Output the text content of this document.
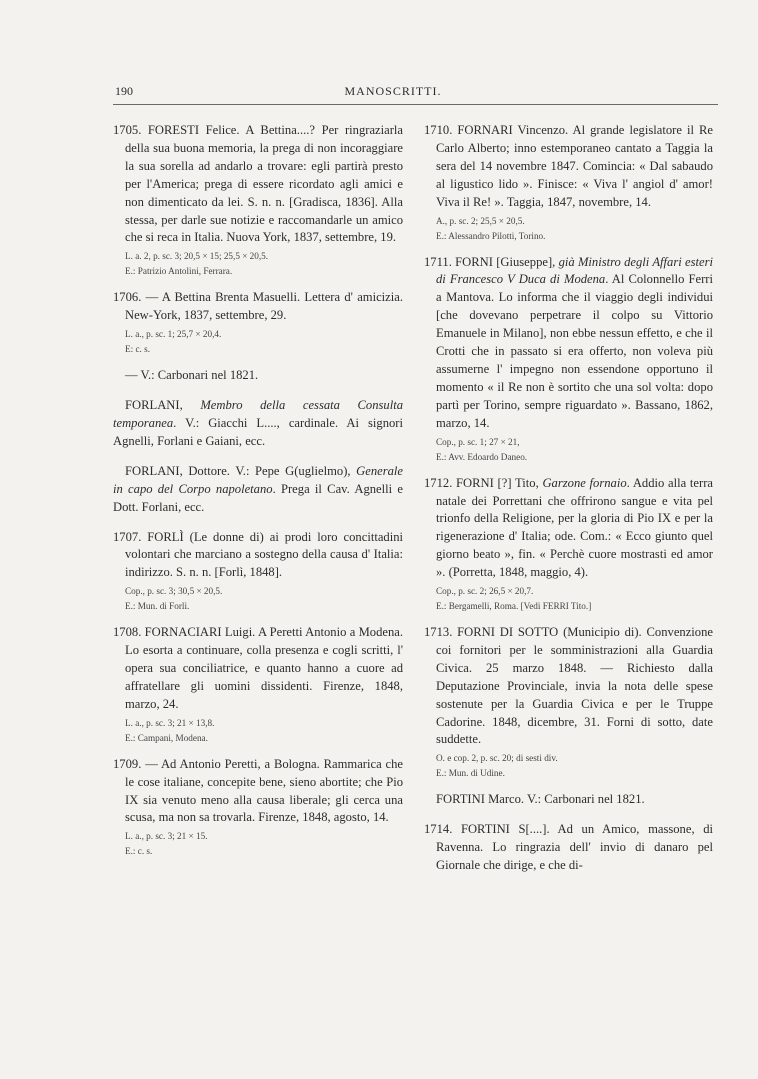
190	MANOSCRITTI.
1705. FORESTI Felice. A Bettina....? Per ringraziarla della sua buona memoria, la prega di non incoraggiare la sua sorella ad andarlo a trovare: egli partirà presto per l'America; prega di essere ricordato agli amici e non dimenticato da lei. S. n. n. [Gradisca, 1836]. Alla stessa, per darle sue notizie e raccomandarle un amico che si reca in Italia. Nuova York, 1837, settembre, 19.
L. a. 2, p. sc. 3; 20,5 × 15; 25,5 × 20,5.
E.: Patrizio Antolini, Ferrara.
1706. — A Bettina Brenta Masuelli. Lettera d' amicizia. New-York, 1837, settembre, 29.
L. a., p. sc. 1; 25,7 × 20,4.
E: c. s.
— V.: Carbonari nel 1821.
FORLANI, Membro della cessata Consulta temporanea. V.: Giacchi L...., cardinale. Ai signori Agnelli, Forlani e Gaiani, ecc.
FORLANI, Dottore. V.: Pepe G(uglielmo), Generale in capo del Corpo napoletano. Prega il Cav. Agnelli e Dott. Forlani, ecc.
1707. FORLÌ (Le donne di) ai prodi loro concittadini volontari che marciano a sostegno della causa d' Italia: indirizzo. S. n. n. [Forlì, 1848].
Cop., p. sc. 3; 30,5 × 20,5.
E.: Mun. di Forlì.
1708. FORNACIARI Luigi. A Peretti Antonio a Modena. Lo esorta a continuare, colla presenza e cogli scritti, l' opera sua conciliatrice, e quanto hanno a cuore ad affratellare gli uomini dissidenti. Firenze, 1848, marzo, 24.
L. a., p. sc. 3; 21 × 13,8.
E.: Campani, Modena.
1709. — Ad Antonio Peretti, a Bologna. Rammarica che le cose italiane, concepite bene, sieno abortite; che Pio IX sia venuto meno alla causa liberale; gli cerca una scusa, ma non sa trovarla. Firenze, 1848, agosto, 14.
L. a., p. sc. 3; 21 × 15.
E.: c. s.
1710. FORNARI Vincenzo. Al grande legislatore il Re Carlo Alberto; inno estemporaneo cantato a Taggia la sera del 14 novembre 1847. Comincia: « Dal sabaudo al ligustico lido ». Finisce: « Viva l' angiol d' amor! Viva il Re! ». Taggia, 1847, novembre, 14.
A., p. sc. 2; 25,5 × 20,5.
E.: Alessandro Pilotti, Torino.
1711. FORNI [Giuseppe], già Ministro degli Affari esteri di Francesco V Duca di Modena. Al Colonnello Ferri a Mantova. Lo informa che il viaggio degli individui [che dovevano perpetrare il colpo su Vittorio Emanuele in Milano], non ebbe nessun effetto, e che il Crotti che in passato si era offerto, non voleva più assumerne l' impegno non essendone opportuno il momento « il Re non è sortito che una sol volta: dopo partì per Torino, sempre riguardato ». Bassano, 1862, marzo, 14.
Cop., p. sc. 1; 27 × 21,
E.: Avv. Edoardo Daneo.
1712. FORNI [?] Tito, Garzone fornaio. Addio alla terra natale dei Porrettani che offrirono sangue e vita pel trionfo della Religione, per la gloria di Pio IX e per la rigenerazione d' Italia; ode. Com.: « Ecco giunto quel giorno beato », fin. « Perchè cuore mostrasti ed amor ». (Porretta, 1848, maggio, 4).
Cop., p. sc. 2; 26,5 × 20,7.
E.: Bergamelli, Roma. [Vedi FERRI Tito.]
1713. FORNI DI SOTTO (Municipio di). Convenzione coi fornitori per le somministrazioni alla Guardia Civica. 25 marzo 1848. — Richiesto dalla Deputazione Provinciale, invia la nota delle spese sostenute per la Guardia Civica e per le Truppe Cadorine. 1848, dicembre, 31. Forni di sotto, date suddette.
O. e cop. 2, p. sc. 20; di sesti div.
E.: Mun. di Udine.
FORTINI Marco. V.: Carbonari nel 1821.
1714. FORTINI S[....]. Ad un Amico, massone, di Ravenna. Lo ringrazia dell' invio di danaro pel Giornale che dirige, e che di-
